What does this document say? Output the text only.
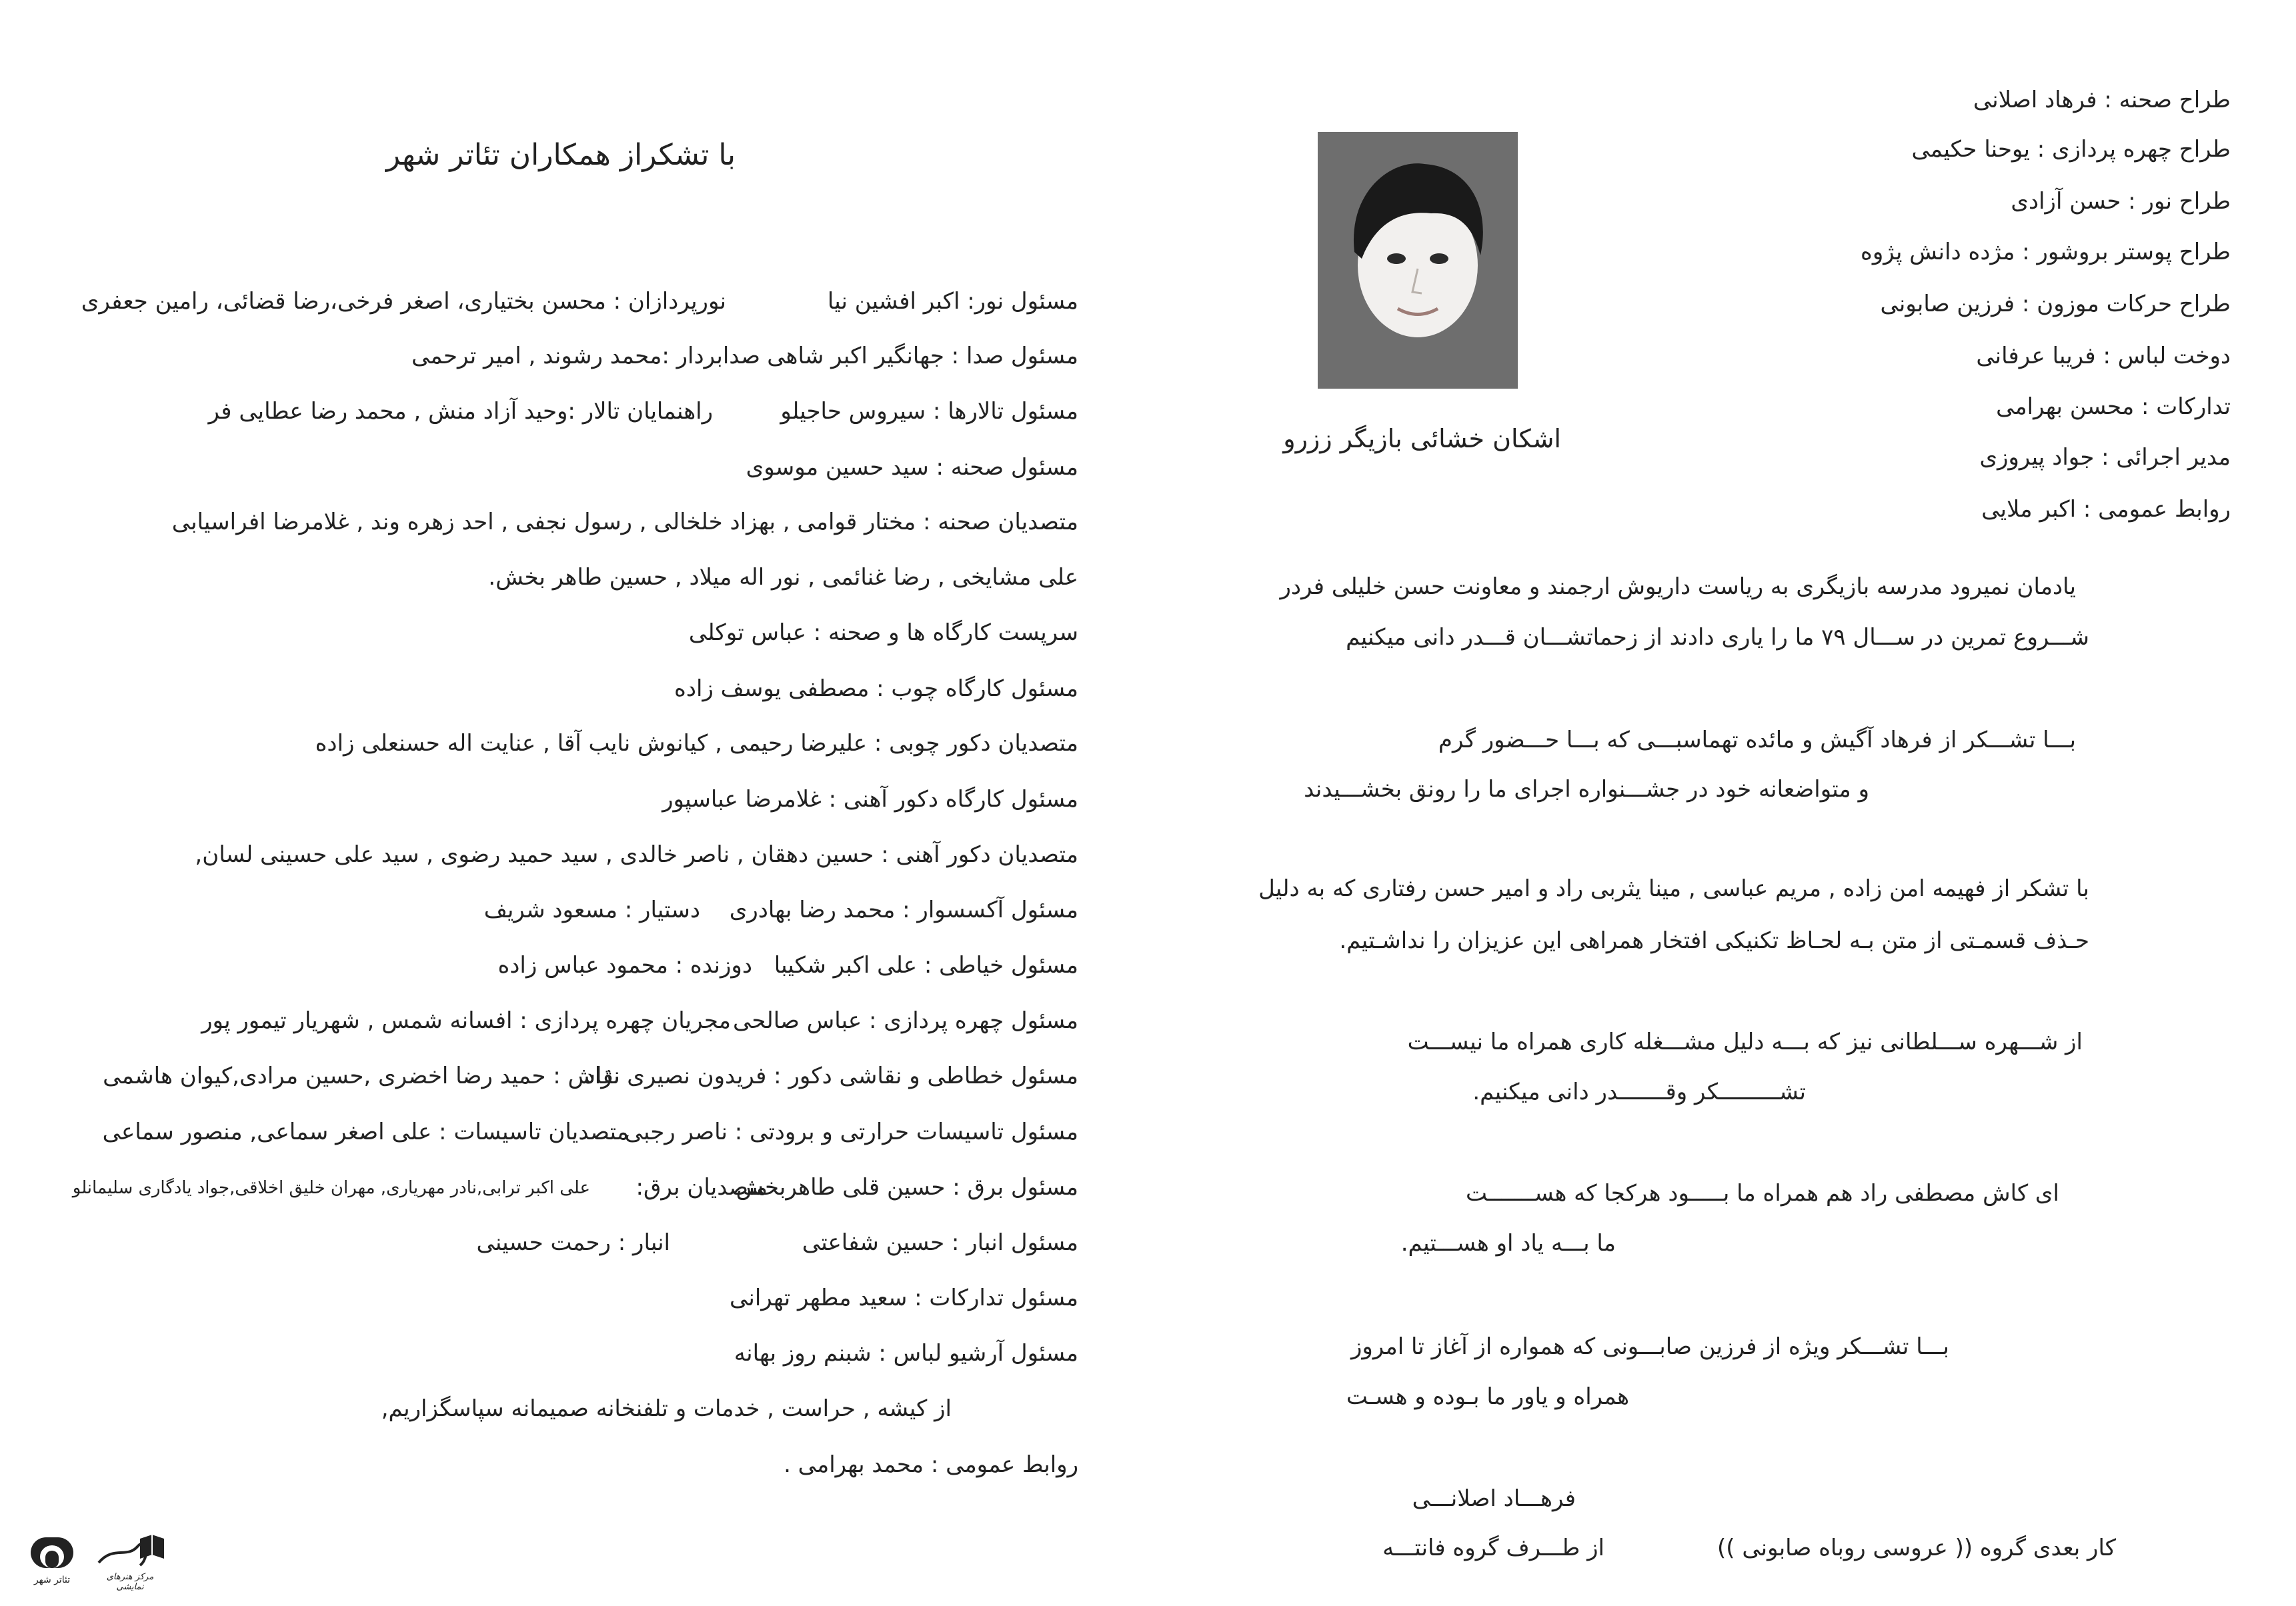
با تشکراز همکاران تئاتر شهر
مسئول نور: اکبر افشین نیا
نورپردازان : محسن بختیاری، اصغر فرخی،رضا قضائی، رامین جعفری
مسئول صدا : جهانگیر اکبر شاهی
صدابردار :محمد رشوند , امیر ترحمی
مسئول تالارها : سیروس حاجیلو
راهنمایان تالار :وحید آزاد منش , محمد رضا عطایی فر
مسئول صحنه : سید حسین موسوی
متصدیان صحنه : مختار قوامی , بهزاد خلخالی , رسول نجفی , احد زهره وند , غلامرضا افراسیابی
علی مشایخی , رضا غنائمی , نور اله میلاد , حسین طاهر بخش.
سرپست کارگاه ها و صحنه : عباس توکلی
مسئول کارگاه چوب : مصطفی یوسف زاده
متصدیان دکور چوبی : علیرضا رحیمی , کیانوش نایب آقا , عنایت اله حسنعلی زاده
مسئول کارگاه دکور آهنی : غلامرضا عباسپور
متصدیان دکور آهنی : حسین دهقان , ناصر خالدی , سید حمید رضوی , سید علی حسینی لسان,
مسئول آکسسوار : محمد رضا بهادری
دستیار : مسعود شریف
مسئول خیاطی : علی اکبر شکیبا
دوزنده : محمود عباس زاده
مسئول چهره پردازی : عباس صالحی
مجریان چهره پردازی : افسانه شمس , شهریار تیمور پور
مسئول خطاطی و نقاشی دکور : فریدون نصیری نژاد
نقاش : حمید رضا اخضری ,حسین مرادی,کیوان هاشمی
مسئول تاسیسات حرارتی و برودتی : ناصر رجبی
متصدیان تاسیسات : علی اصغر سماعی, منصور سماعی
مسئول برق : حسین قلی طاهربخش
متصدیان برق:
علی اکبر ترابی,نادر مهریاری, مهران خلیق اخلاقی,جواد یادگاری سلیمانلو
مسئول انبار : حسین شفاعتی
انبار : رحمت حسینی
مسئول تدارکات : سعید مطهر تهرانی
مسئول آرشیو لباس : شبنم روز بهانه
از کیشه , حراست , خدمات و تلفنخانه صمیمانه سپاسگزاریم,
روابط عمومی : محمد بهرامی .
تئاتر شهر	مرکز هنرهای نمایشی
طراح صحنه : فرهاد اصلانی
طراح چهره پردازی : یوحنا حکیمی
طراح نور : حسن آزادی
طراح پوستر بروشور : مژده دانش پژوه
طراح حرکات موزون : فرزین صابونی
دوخت لباس : فریبا عرفانی
تدارکات : محسن بهرامی
مدیر اجرائی : جواد پیروزی
روابط عمومی : اکبر ملایی
اشکان خشائی بازیگر ززرو
یادمان نمیرود مدرسه بازیگری به ریاست داریوش ارجمند و معاونت حسن خلیلی فردر
شـــروع تمرین در ســـال ۷۹ ما را یاری دادند از زحماتشـــان قـــدر دانی میکنیم
بـــا تشـــکر از فرهاد آگیش و مائده تهماسبـــی که بـــا حـــضور گرم
و متواضعانه خود در جشـــنواره اجرای ما را رونق بخشـــیدند
با تشکر از فهیمه امن زاده , مریم عباسی , مینا یثربی راد و امیر حسن رفتاری که به دلیل
حـذف قسمـتی از متن بـه لحـاظ تکنیکی افتخار همراهی این عزیزان را نداشـتیم.
از شـــهره ســـلطانی نیز که بـــه دلیل مشـــغله کاری همراه ما نیســـت
تشـــــــــکر وقـــــــدر دانی میکنیم.
ای کاش مصطفی راد هم همراه ما بـــــود هرکجا که هســـــــت
ما بـــه یاد او هســـتیم.
بـــا تشـــکر ویژه از فرزین صابـــونی که همواره از آغاز تا امروز
همراه و یاور ما بـوده و هسـت
فرهـــاد اصلانـــی
از طـــرف گروه فانتـــه	کار بعدی گروه (( عروسی روباه صابونی ))
